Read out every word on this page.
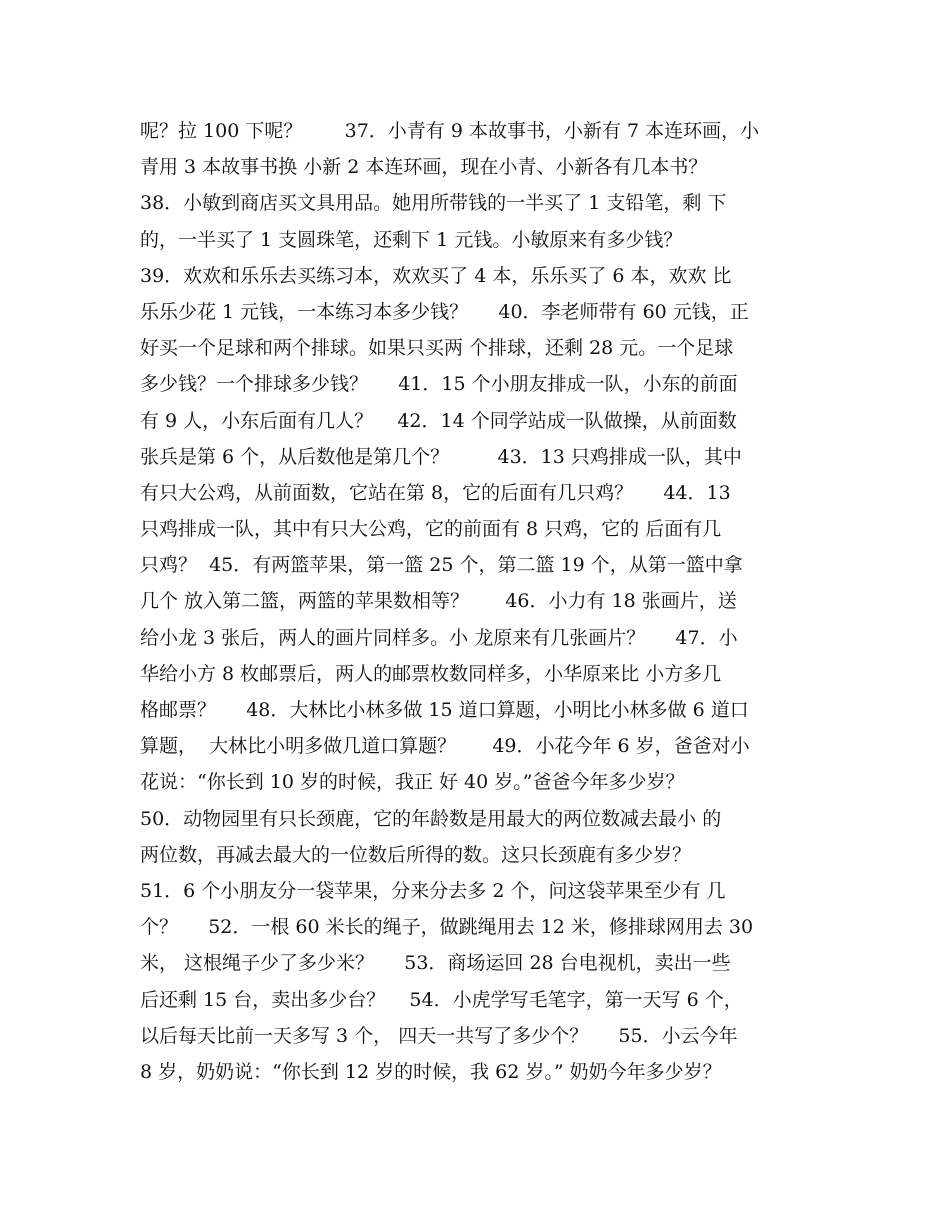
呢？拉 100 下呢？       37．小青有 9 本故事书，小新有 7 本连环画，小
青用 3 本故事书换 小新 2 本连环画，现在小青、小新各有几本书？
38．小敏到商店买文具用品。她用所带钱的一半买了 1 支铅笔，剩 下
的，一半买了 1 支圆珠笔，还剩下 1 元钱。小敏原来有多少钱？
39．欢欢和乐乐去买练习本，欢欢买了 4 本，乐乐买了 6 本，欢欢 比
乐乐少花 1 元钱，一本练习本多少钱？     40．李老师带有 60 元钱，正
好买一个足球和两个排球。如果只买两 个排球，还剩 28 元。一个足球
多少钱？一个排球多少钱？     41．15 个小朋友排成一队，小东的前面
有 9 人，小东后面有几人？    42．14 个同学站成一队做操，从前面数
张兵是第 6 个，从后数他是第几个？        43．13 只鸡排成一队，其中
有只大公鸡，从前面数，它站在第 8，它的后面有几只鸡？     44．13
只鸡排成一队，其中有只大公鸡，它的前面有 8 只鸡，它的 后面有几
只鸡？  45．有两篮苹果，第一篮 25 个，第二篮 19 个，从第一篮中拿
几个 放入第二篮，两篮的苹果数相等？      46．小力有 18 张画片，送
给小龙 3 张后，两人的画片同样多。小 龙原来有几张画片？     47．小
华给小方 8 枚邮票后，两人的邮票枚数同样多，小华原来比 小方多几
格邮票？     48．大林比小林多做 15 道口算题，小明比小林多做 6 道口
算题，  大林比小明多做几道口算题？      49．小花今年 6 岁，爸爸对小
花说：“你长到 10 岁的时候，我正 好 40 岁。”爸爸今年多少岁？
50．动物园里有只长颈鹿，它的年龄数是用最大的两位数减去最小 的
两位数，再减去最大的一位数后所得的数。这只长颈鹿有多少岁？
51．6 个小朋友分一袋苹果，分来分去多 2 个，问这袋苹果至少有 几
个？     52．一根 60 米长的绳子，做跳绳用去 12 米，修排球网用去 30
米， 这根绳子少了多少米？     53．商场运回 28 台电视机，卖出一些
后还剩 15 台，卖出多少台？    54．小虎学写毛笔字，第一天写 6 个，
以后每天比前一天多写 3 个， 四天一共写了多少个？     55．小云今年
8 岁，奶奶说：“你长到 12 岁的时候，我 62 岁。” 奶奶今年多少岁？
